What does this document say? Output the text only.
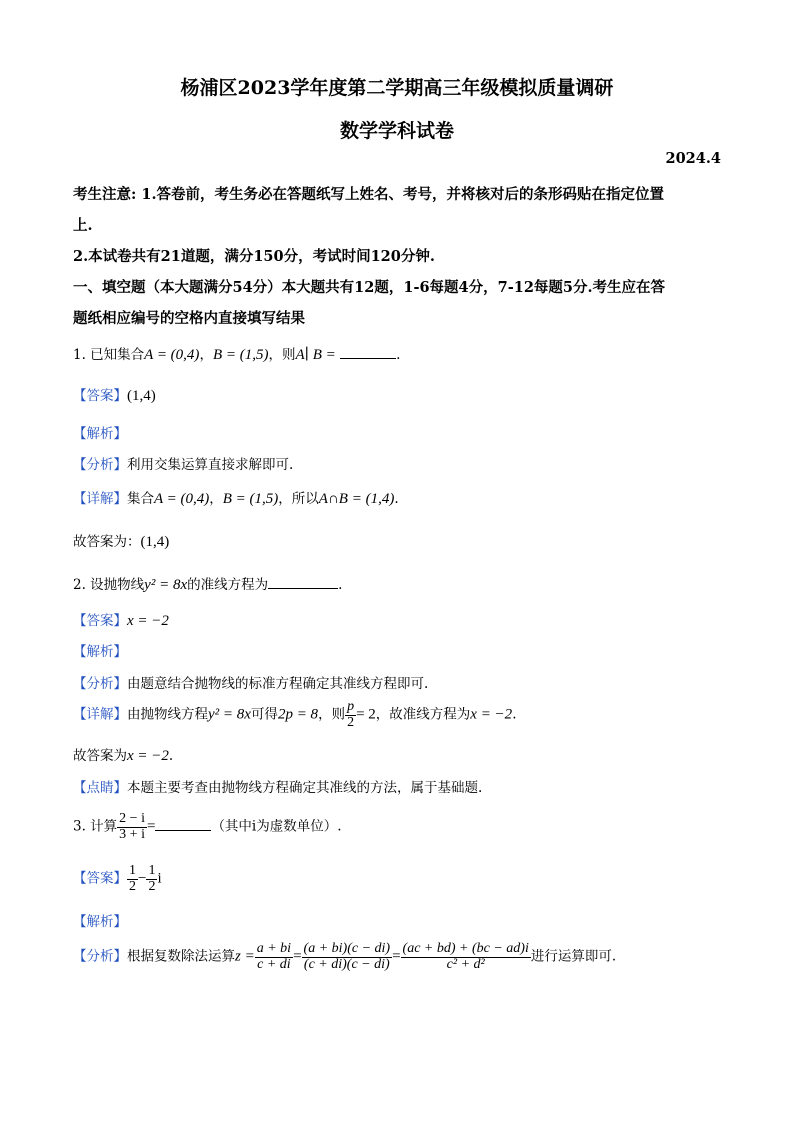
杨浦区2023学年度第二学期高三年级模拟质量调研
数学学科试卷
2024.4
考生注意: 1.答卷前，考生务必在答题纸写上姓名、考号，并将核对后的条形码贴在指定位置
上.
2.本试卷共有21道题，满分150分，考试时间120分钟.
一、填空题（本大题满分54分）本大题共有12题，1-6每题4分，7-12每题5分.考生应在答
题纸相应编号的空格内直接填写结果
1. 已知集合A = (0,4)，B = (1,5)，则A∣ B =	.
【答案】(1,4)
【解析】
【分析】利用交集运算直接求解即可.
【详解】集合A = (0,4)，B = (1,5)，所以A∩B = (1,4).
故答案为：(1,4)
2. 设抛物线y² = 8x的准线方程为	.
【答案】x = −2
【解析】
【分析】由题意结合抛物线的标准方程确定其准线方程即可.
【详解】由抛物线方程y² = 8x可得2p = 8，则 $\frac{p}{2} = 2$，故准线方程为x = −2.
故答案为x = −2.
【点睛】本题主要考查由抛物线方程确定其准线的方法，属于基础题.
3. 计算 $\frac{2 - i}{3 + i}$ =	（其中i为虚数单位）.
【答案】 $\frac{1}{2} - \frac{1}{2}$ i
【解析】
【分析】根据复数除法运算$z = \frac{a + bi}{c + di} = \frac{(a + bi)(c - di)}{(c + di)(c - di)} = \frac{(ac + bd) + (bc - ad)i}{\text{c² + d²}}$ 进行运算即可.
